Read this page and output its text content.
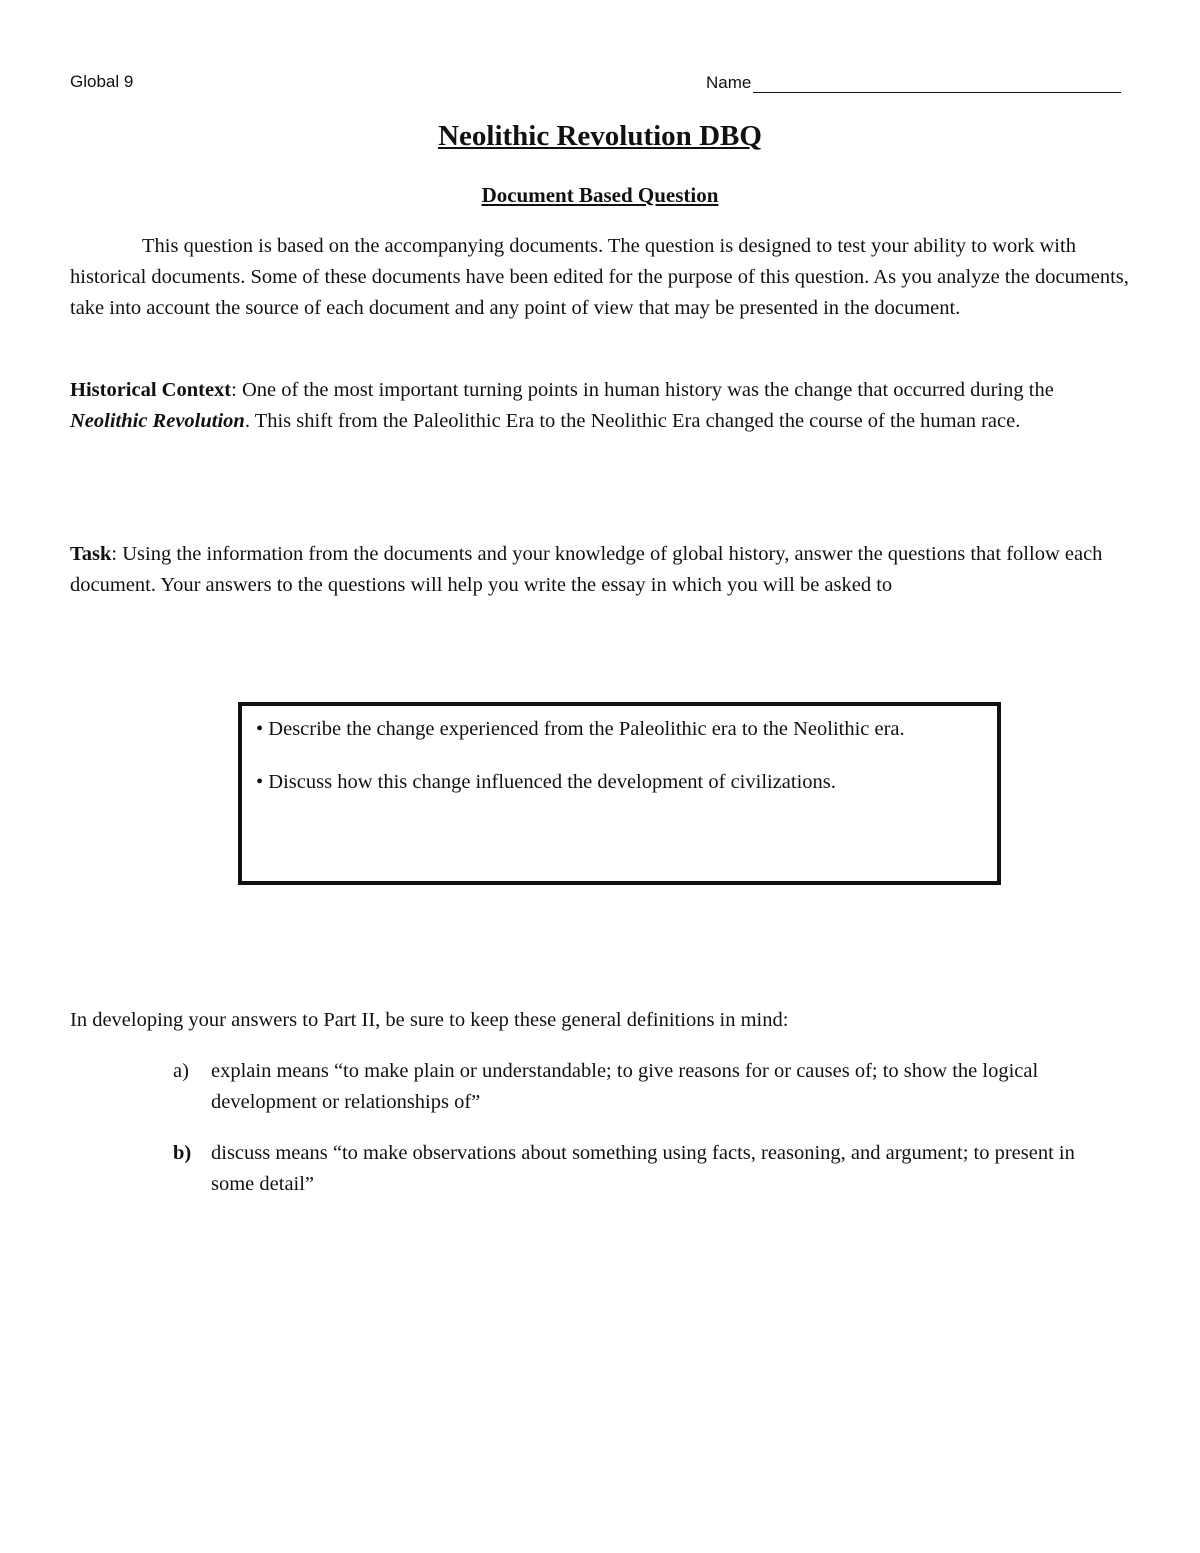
Global 9	Name
Neolithic Revolution DBQ
Document Based Question

This question is based on the accompanying documents. The question is designed to test your ability to work with historical documents. Some of these documents have been edited for the purpose of this question. As you analyze the documents, take into account the source of each document and any point of view that may be presented in the document.

Historical Context: One of the most important turning points in human history was the change that occurred during the Neolithic Revolution. This shift from the Paleolithic Era to the Neolithic Era changed the course of the human race.

Task: Using the information from the documents and your knowledge of global history, answer the questions that follow each document. Your answers to the questions will help you write the essay in which you will be asked to

• Describe the change experienced from the Paleolithic era to the Neolithic era.

• Discuss how this change influenced the development of civilizations.

In developing your answers to Part II, be sure to keep these general definitions in mind:

a)	explain means “to make plain or understandable; to give reasons for or causes of; to show the logical development or relationships of”
b) discuss means “to make observations about something using facts, reasoning, and argument; to present in some detail”
